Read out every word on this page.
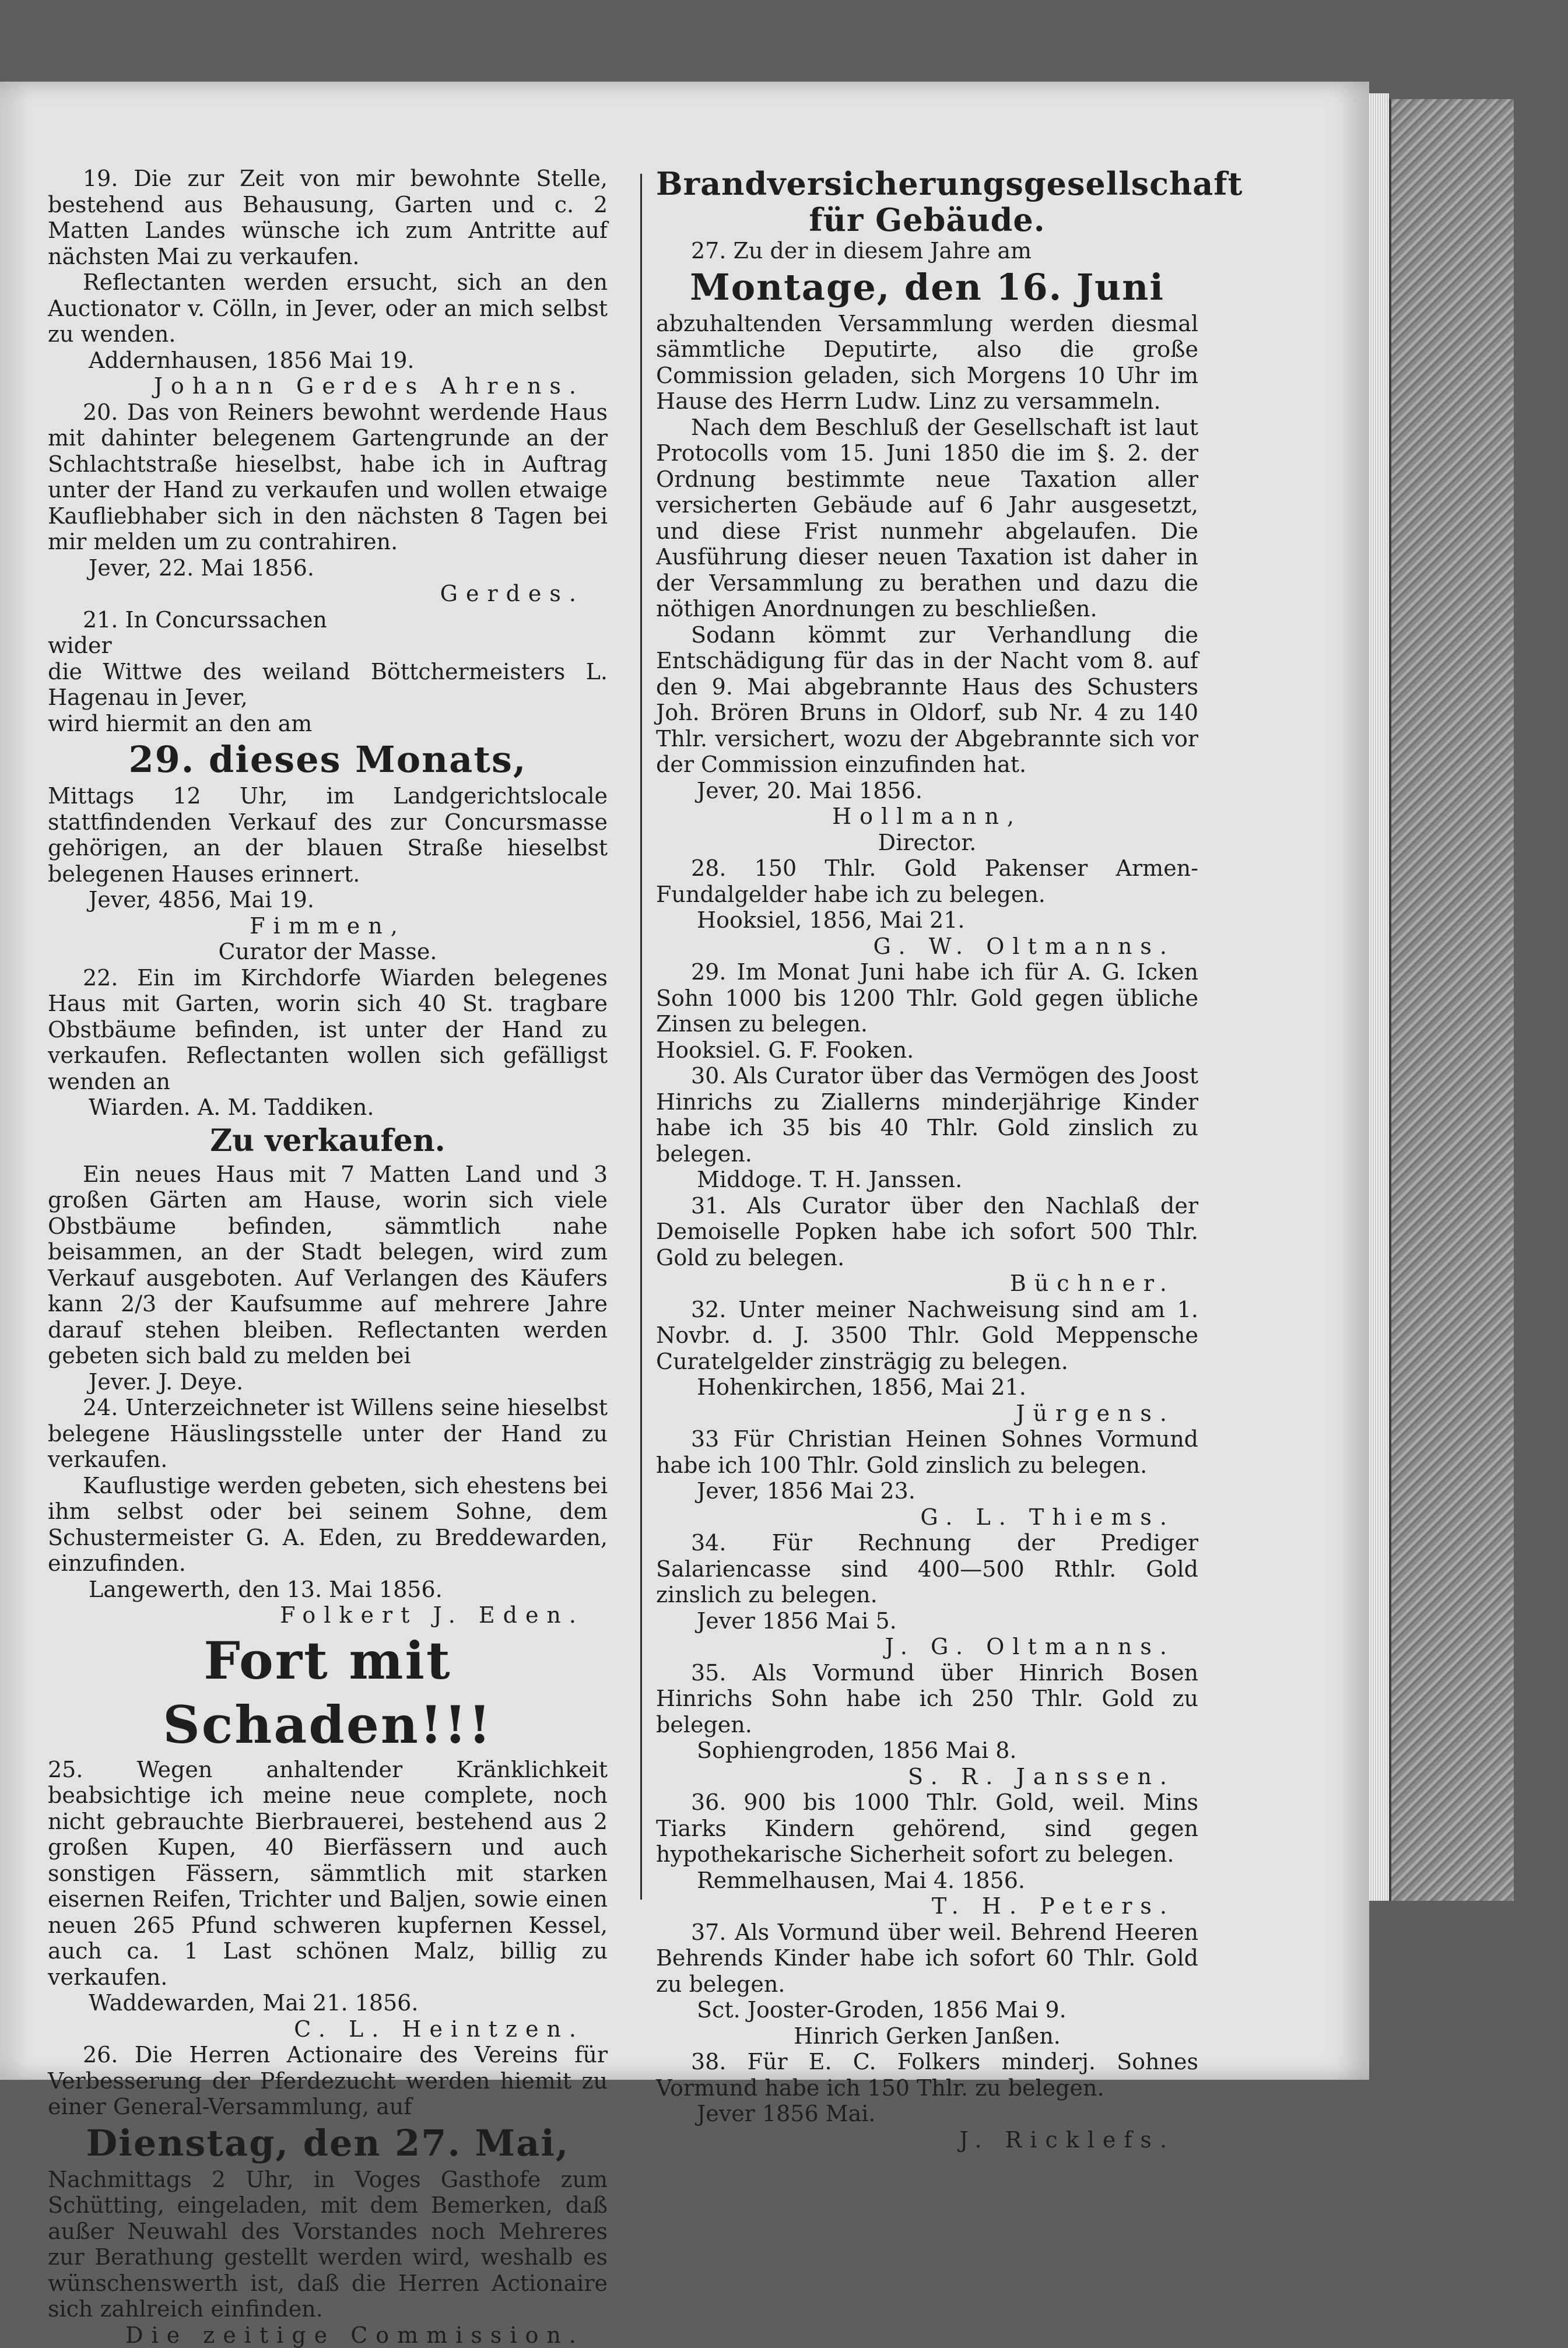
19. Die zur Zeit von mir bewohnte Stelle, bestehend aus Behausung, Garten und c. 2 Matten Landes wünsche ich zum Antritte auf nächsten Mai zu verkaufen.
Reflectanten werden ersucht, sich an den Auctionator v. Cölln, in Jever, oder an mich selbst zu wenden.
Addernhausen, 1856 Mai 19.
Johann Gerdes Ahrens.
20. Das von Reiners bewohnt werdende Haus mit dahinter belegenem Gartengrunde an der Schlachtstraße hieselbst, habe ich in Auftrag unter der Hand zu verkaufen und wollen etwaige Kaufliebhaber sich in den nächsten 8 Tagen bei mir melden um zu contrahiren.
Jever, 22. Mai 1856.
Gerdes.
21. In Concurssachen
wider
die Wittwe des weiland Böttchermeisters L. Hagenau in Jever,
wird hiermit an den am
29. dieses Monats,
Mittags 12 Uhr, im Landgerichtslocale stattfindenden Verkauf des zur Concursmasse gehörigen, an der blauen Straße hieselbst belegenen Hauses erinnert.
Jever, 4856, Mai 19.
Fimmen,
Curator der Masse.
22. Ein im Kirchdorfe Wiarden belegenes Haus mit Garten, worin sich 40 St. tragbare Obstbäume befinden, ist unter der Hand zu verkaufen. Reflectanten wollen sich gefälligst wenden an
Wiarden. A. M. Taddiken.
Zu verkaufen.
Ein neues Haus mit 7 Matten Land und 3 großen Gärten am Hause, worin sich viele Obstbäume befinden, sämmtlich nahe beisammen, an der Stadt belegen, wird zum Verkauf ausgeboten. Auf Verlangen des Käufers kann 2/3 der Kaufsumme auf mehrere Jahre darauf stehen bleiben. Reflectanten werden gebeten sich bald zu melden bei
Jever. J. Deye.
24. Unterzeichneter ist Willens seine hieselbst belegene Häuslingsstelle unter der Hand zu verkaufen.
Kauflustige werden gebeten, sich ehestens bei ihm selbst oder bei seinem Sohne, dem Schustermeister G. A. Eden, zu Breddewarden, einzufinden.
Langewerth, den 13. Mai 1856.
Folkert J. Eden.
Fort mit Schaden!!!
25. Wegen anhaltender Kränklichkeit beabsichtige ich meine neue complete, noch nicht gebrauchte Bierbrauerei, bestehend aus 2 großen Kupen, 40 Bierfässern und auch sonstigen Fässern, sämmtlich mit starken eisernen Reifen, Trichter und Baljen, sowie einen neuen 265 Pfund schweren kupfernen Kessel, auch ca. 1 Last schönen Malz, billig zu verkaufen.
Waddewarden, Mai 21. 1856.
C. L. Heintzen.
26. Die Herren Actionaire des Vereins für Verbesserung der Pferdezucht werden hiemit zu einer General-Versammlung, auf
Dienstag, den 27. Mai,
Nachmittags 2 Uhr, in Voges Gasthofe zum Schütting, eingeladen, mit dem Bemerken, daß außer Neuwahl des Vorstandes noch Mehreres zur Berathung gestellt werden wird, weshalb es wünschenswerth ist, daß die Herren Actionaire sich zahlreich einfinden.
Die zeitige Commission.
Brandversicherungsgesellschaft für Gebäude.
27. Zu der in diesem Jahre am
Montage, den 16. Juni
abzuhaltenden Versammlung werden diesmal sämmtliche Deputirte, also die große Commission geladen, sich Morgens 10 Uhr im Hause des Herrn Ludw. Linz zu versammeln.
Nach dem Beschluß der Gesellschaft ist laut Protocolls vom 15. Juni 1850 die im §. 2. der Ordnung bestimmte neue Taxation aller versicherten Gebäude auf 6 Jahr ausgesetzt, und diese Frist nunmehr abgelaufen. Die Ausführung dieser neuen Taxation ist daher in der Versammlung zu berathen und dazu die nöthigen Anordnungen zu beschließen.
Sodann kömmt zur Verhandlung die Entschädigung für das in der Nacht vom 8. auf den 9. Mai abgebrannte Haus des Schusters Joh. Brören Bruns in Oldorf, sub Nr. 4 zu 140 Thlr. versichert, wozu der Abgebrannte sich vor der Commission einzufinden hat.
Jever, 20. Mai 1856.
Hollmann,
Director.
28. 150 Thlr. Gold Pakenser Armen-Fundalgelder habe ich zu belegen.
Hooksiel, 1856, Mai 21.
G. W. Oltmanns.
29. Im Monat Juni habe ich für A. G. Icken Sohn 1000 bis 1200 Thlr. Gold gegen übliche Zinsen zu belegen.
Hooksiel. G. F. Fooken.
30. Als Curator über das Vermögen des Joost Hinrichs zu Ziallerns minderjährige Kinder habe ich 35 bis 40 Thlr. Gold zinslich zu belegen.
Middoge. T. H. Janssen.
31. Als Curator über den Nachlaß der Demoiselle Popken habe ich sofort 500 Thlr. Gold zu belegen.
Büchner.
32. Unter meiner Nachweisung sind am 1. Novbr. d. J. 3500 Thlr. Gold Meppensche Curatelgelder zinsträgig zu belegen.
Hohenkirchen, 1856, Mai 21.
Jürgens.
33 Für Christian Heinen Sohnes Vormund habe ich 100 Thlr. Gold zinslich zu belegen.
Jever, 1856 Mai 23.
G. L. Thiems.
34. Für Rechnung der Prediger Salariencasse sind 400—500 Rthlr. Gold zinslich zu belegen.
Jever 1856 Mai 5.
J. G. Oltmanns.
35. Als Vormund über Hinrich Bosen Hinrichs Sohn habe ich 250 Thlr. Gold zu belegen.
Sophiengroden, 1856 Mai 8.
S. R. Janssen.
36. 900 bis 1000 Thlr. Gold, weil. Mins Tiarks Kindern gehörend, sind gegen hypothekarische Sicherheit sofort zu belegen.
Remmelhausen, Mai 4. 1856.
T. H. Peters.
37. Als Vormund über weil. Behrend Heeren Behrends Kinder habe ich sofort 60 Thlr. Gold zu belegen.
Sct. Jooster-Groden, 1856 Mai 9.
Hinrich Gerken Janßen.
38. Für E. C. Folkers minderj. Sohnes Vormund habe ich 150 Thlr. zu belegen.
Jever 1856 Mai.
J. Ricklefs.
